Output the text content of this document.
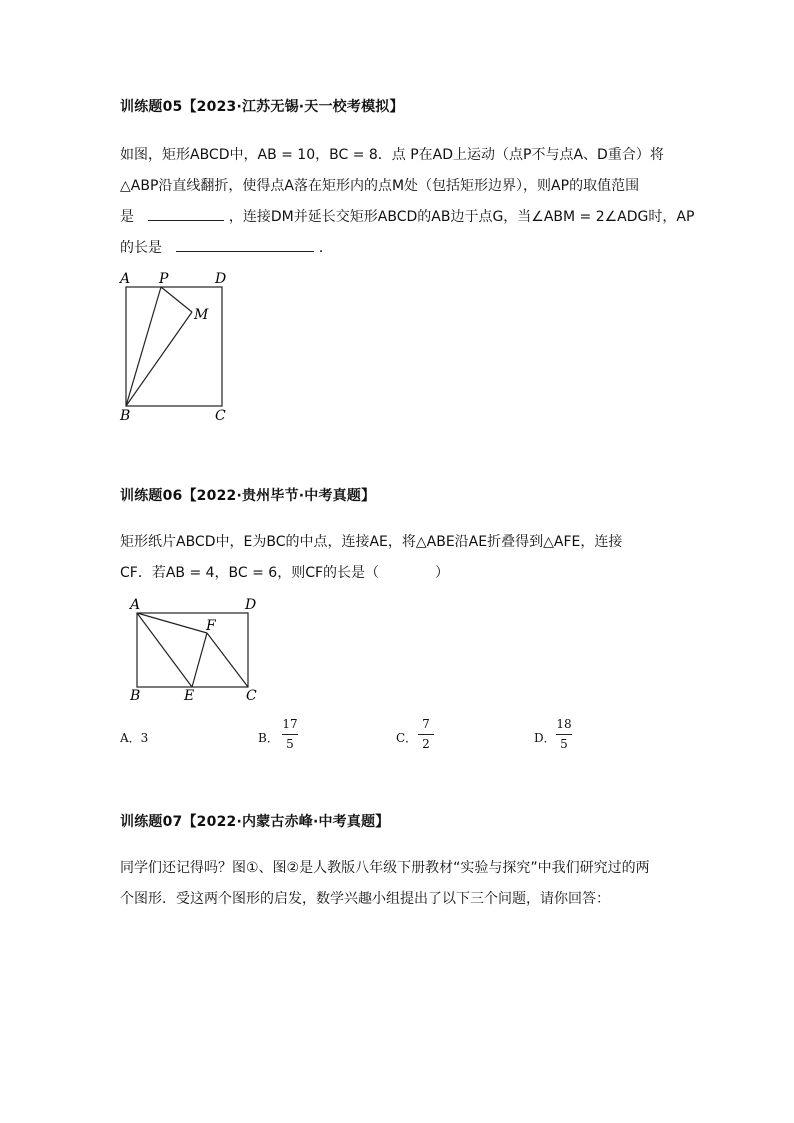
训练题05【2023·江苏无锡·天一校考模拟】
如图，矩形ABCD中，AB = 10，BC = 8．点 P在AD上运动（点P不与点A、D重合）将
△ABP沿直线翻折，使得点A落在矩形内的点M处（包括矩形边界），则AP的取值范围
是	，连接DM并延长交矩形ABCD的AB边于点G，当∠ABM = 2∠ADG时，AP
的长是	．
A P	D
M
B	C
训练题06【2022·贵州毕节·中考真题】
矩形纸片ABCD中，E为BC的中点，连接AE，将△ABE沿AE折叠得到△AFE，连接
CF．若AB = 4，BC = 6，则CF的长是（　　　　）
A	D
F
B	E	C
A．3	B．
17
5	C．
7
2	D．
18
5
训练题07【2022·内蒙古赤峰·中考真题】
同学们还记得吗？图①、图②是人教版八年级下册教材“实验与探究”中我们研究过的两
个图形．受这两个图形的启发，数学兴趣小组提出了以下三个问题，请你回答：
